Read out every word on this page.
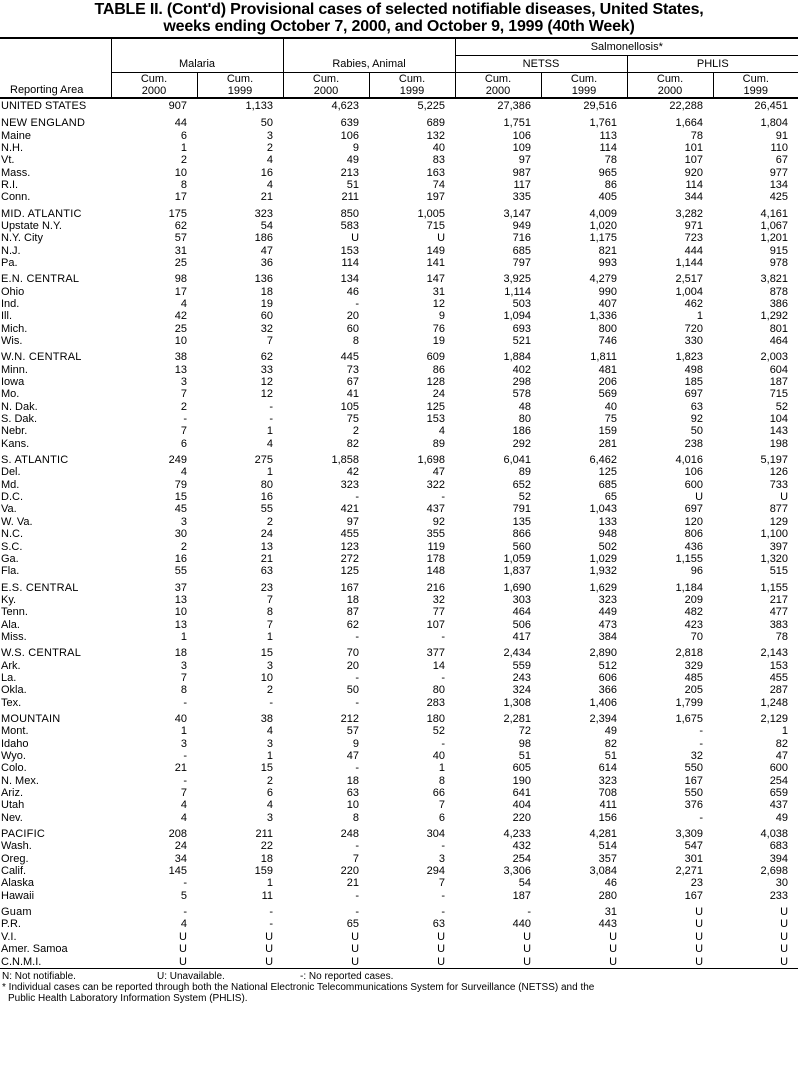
TABLE II. (Cont'd) Provisional cases of selected notifiable diseases, United States,
weeks ending October 7, 2000, and October 9, 1999 (40th Week)
Reporting Area	Malaria		Rabies, Animal		Salmonellosis*			
					NETSS		PHLIS	
	Cum.	Cum.	Cum.	Cum.	Cum.	Cum.	Cum.	Cum.
	2000	1999	2000	1999	2000	1999	2000	1999
UNITED STATES	907	1,133	4,623	5,225	27,386	29,516	22,288	26,451
NEW ENGLAND	44	50	639	689	1,751	1,761	1,664	1,804
Maine	6	3	106	132	106	113	78	91
N.H.	1	2	9	40	109	114	101	110
Vt.	2	4	49	83	97	78	107	67
Mass.	10	16	213	163	987	965	920	977
R.I.	8	4	51	74	117	86	114	134
Conn.	17	21	211	197	335	405	344	425
MID. ATLANTIC	175	323	850	1,005	3,147	4,009	3,282	4,161
Upstate N.Y.	62	54	583	715	949	1,020	971	1,067
N.Y. City	57	186	U	U	716	1,175	723	1,201
N.J.	31	47	153	149	685	821	444	915
Pa.	25	36	114	141	797	993	1,144	978
E.N. CENTRAL	98	136	134	147	3,925	4,279	2,517	3,821
Ohio	17	18	46	31	1,114	990	1,004	878
Ind.	4	19	-	12	503	407	462	386
Ill.	42	60	20	9	1,094	1,336	1	1,292
Mich.	25	32	60	76	693	800	720	801
Wis.	10	7	8	19	521	746	330	464
W.N. CENTRAL	38	62	445	609	1,884	1,811	1,823	2,003
Minn.	13	33	73	86	402	481	498	604
Iowa	3	12	67	128	298	206	185	187
Mo.	7	12	41	24	578	569	697	715
N. Dak.	2	-	105	125	48	40	63	52
S. Dak.	-	-	75	153	80	75	92	104
Nebr.	7	1	2	4	186	159	50	143
Kans.	6	4	82	89	292	281	238	198
S. ATLANTIC	249	275	1,858	1,698	6,041	6,462	4,016	5,197
Del.	4	1	42	47	89	125	106	126
Md.	79	80	323	322	652	685	600	733
D.C.	15	16	-	-	52	65	U	U
Va.	45	55	421	437	791	1,043	697	877
W. Va.	3	2	97	92	135	133	120	129
N.C.	30	24	455	355	866	948	806	1,100
S.C.	2	13	123	119	560	502	436	397
Ga.	16	21	272	178	1,059	1,029	1,155	1,320
Fla.	55	63	125	148	1,837	1,932	96	515
E.S. CENTRAL	37	23	167	216	1,690	1,629	1,184	1,155
Ky.	13	7	18	32	303	323	209	217
Tenn.	10	8	87	77	464	449	482	477
Ala.	13	7	62	107	506	473	423	383
Miss.	1	1	-	-	417	384	70	78
W.S. CENTRAL	18	15	70	377	2,434	2,890	2,818	2,143
Ark.	3	3	20	14	559	512	329	153
La.	7	10	-	-	243	606	485	455
Okla.	8	2	50	80	324	366	205	287
Tex.	-	-	-	283	1,308	1,406	1,799	1,248
MOUNTAIN	40	38	212	180	2,281	2,394	1,675	2,129
Mont.	1	4	57	52	72	49	-	1
Idaho	3	3	9	-	98	82	-	82
Wyo.	-	1	47	40	51	51	32	47
Colo.	21	15	-	1	605	614	550	600
N. Mex.	-	2	18	8	190	323	167	254
Ariz.	7	6	63	66	641	708	550	659
Utah	4	4	10	7	404	411	376	437
Nev.	4	3	8	6	220	156	-	49
PACIFIC	208	211	248	304	4,233	4,281	3,309	4,038
Wash.	24	22	-	-	432	514	547	683
Oreg.	34	18	7	3	254	357	301	394
Calif.	145	159	220	294	3,306	3,084	2,271	2,698
Alaska	-	1	21	7	54	46	23	30
Hawaii	5	11	-	-	187	280	167	233
Guam	-	-	-	-	-	31	U	U
P.R.	4	-	65	63	440	443	U	U
V.I.	U	U	U	U	U	U	U	U
Amer. Samoa	U	U	U	U	U	U	U	U
C.N.M.I.	U	U	U	U	U	U	U	U
N: Not notifiable.	U: Unavailable.	-: No reported cases.
* Individual cases can be reported through both the National Electronic Telecommunications System for Surveillance (NETSS) and the
Public Health Laboratory Information System (PHLIS).
